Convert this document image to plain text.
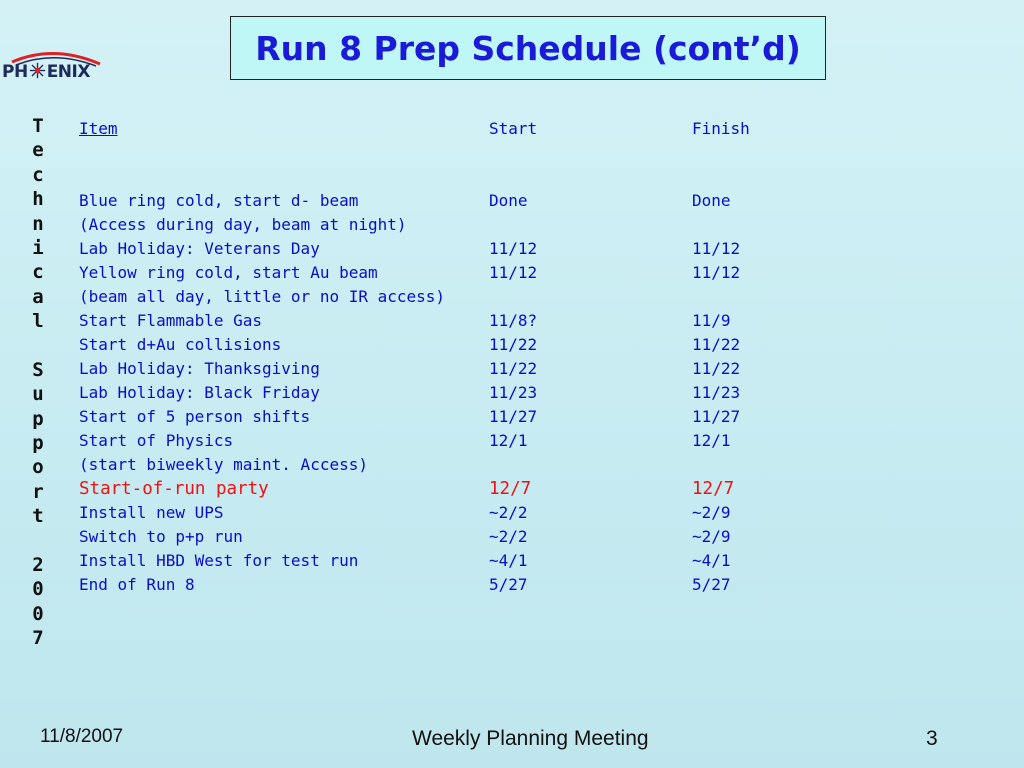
PH ENIX
Run 8 Prep Schedule (cont’d)
T
e
c
h
n
i
c
a
l

S
u
p
p
o
r
t

2
0
0
7
Item	Start	Finish
Blue ring cold, start d- beam	Done	Done
(Access during day, beam at night)
Lab Holiday: Veterans Day	11/12	11/12
Yellow ring cold, start Au beam	11/12	11/12
(beam all day, little or no IR access)
Start Flammable Gas	11/8?	11/9
Start d+Au collisions	11/22	11/22
Lab Holiday: Thanksgiving	11/22	11/22
Lab Holiday: Black Friday	11/23	11/23
Start of 5 person shifts	11/27	11/27
Start of Physics	12/1	12/1
(start biweekly maint. Access)
Start-of-run party	12/7	12/7
Install new UPS	~2/2	~2/9
Switch to p+p run	~2/2	~2/9
Install HBD West for test run	~4/1	~4/1
End of Run 8	5/27	5/27
11/8/2007	Weekly Planning Meeting	3
